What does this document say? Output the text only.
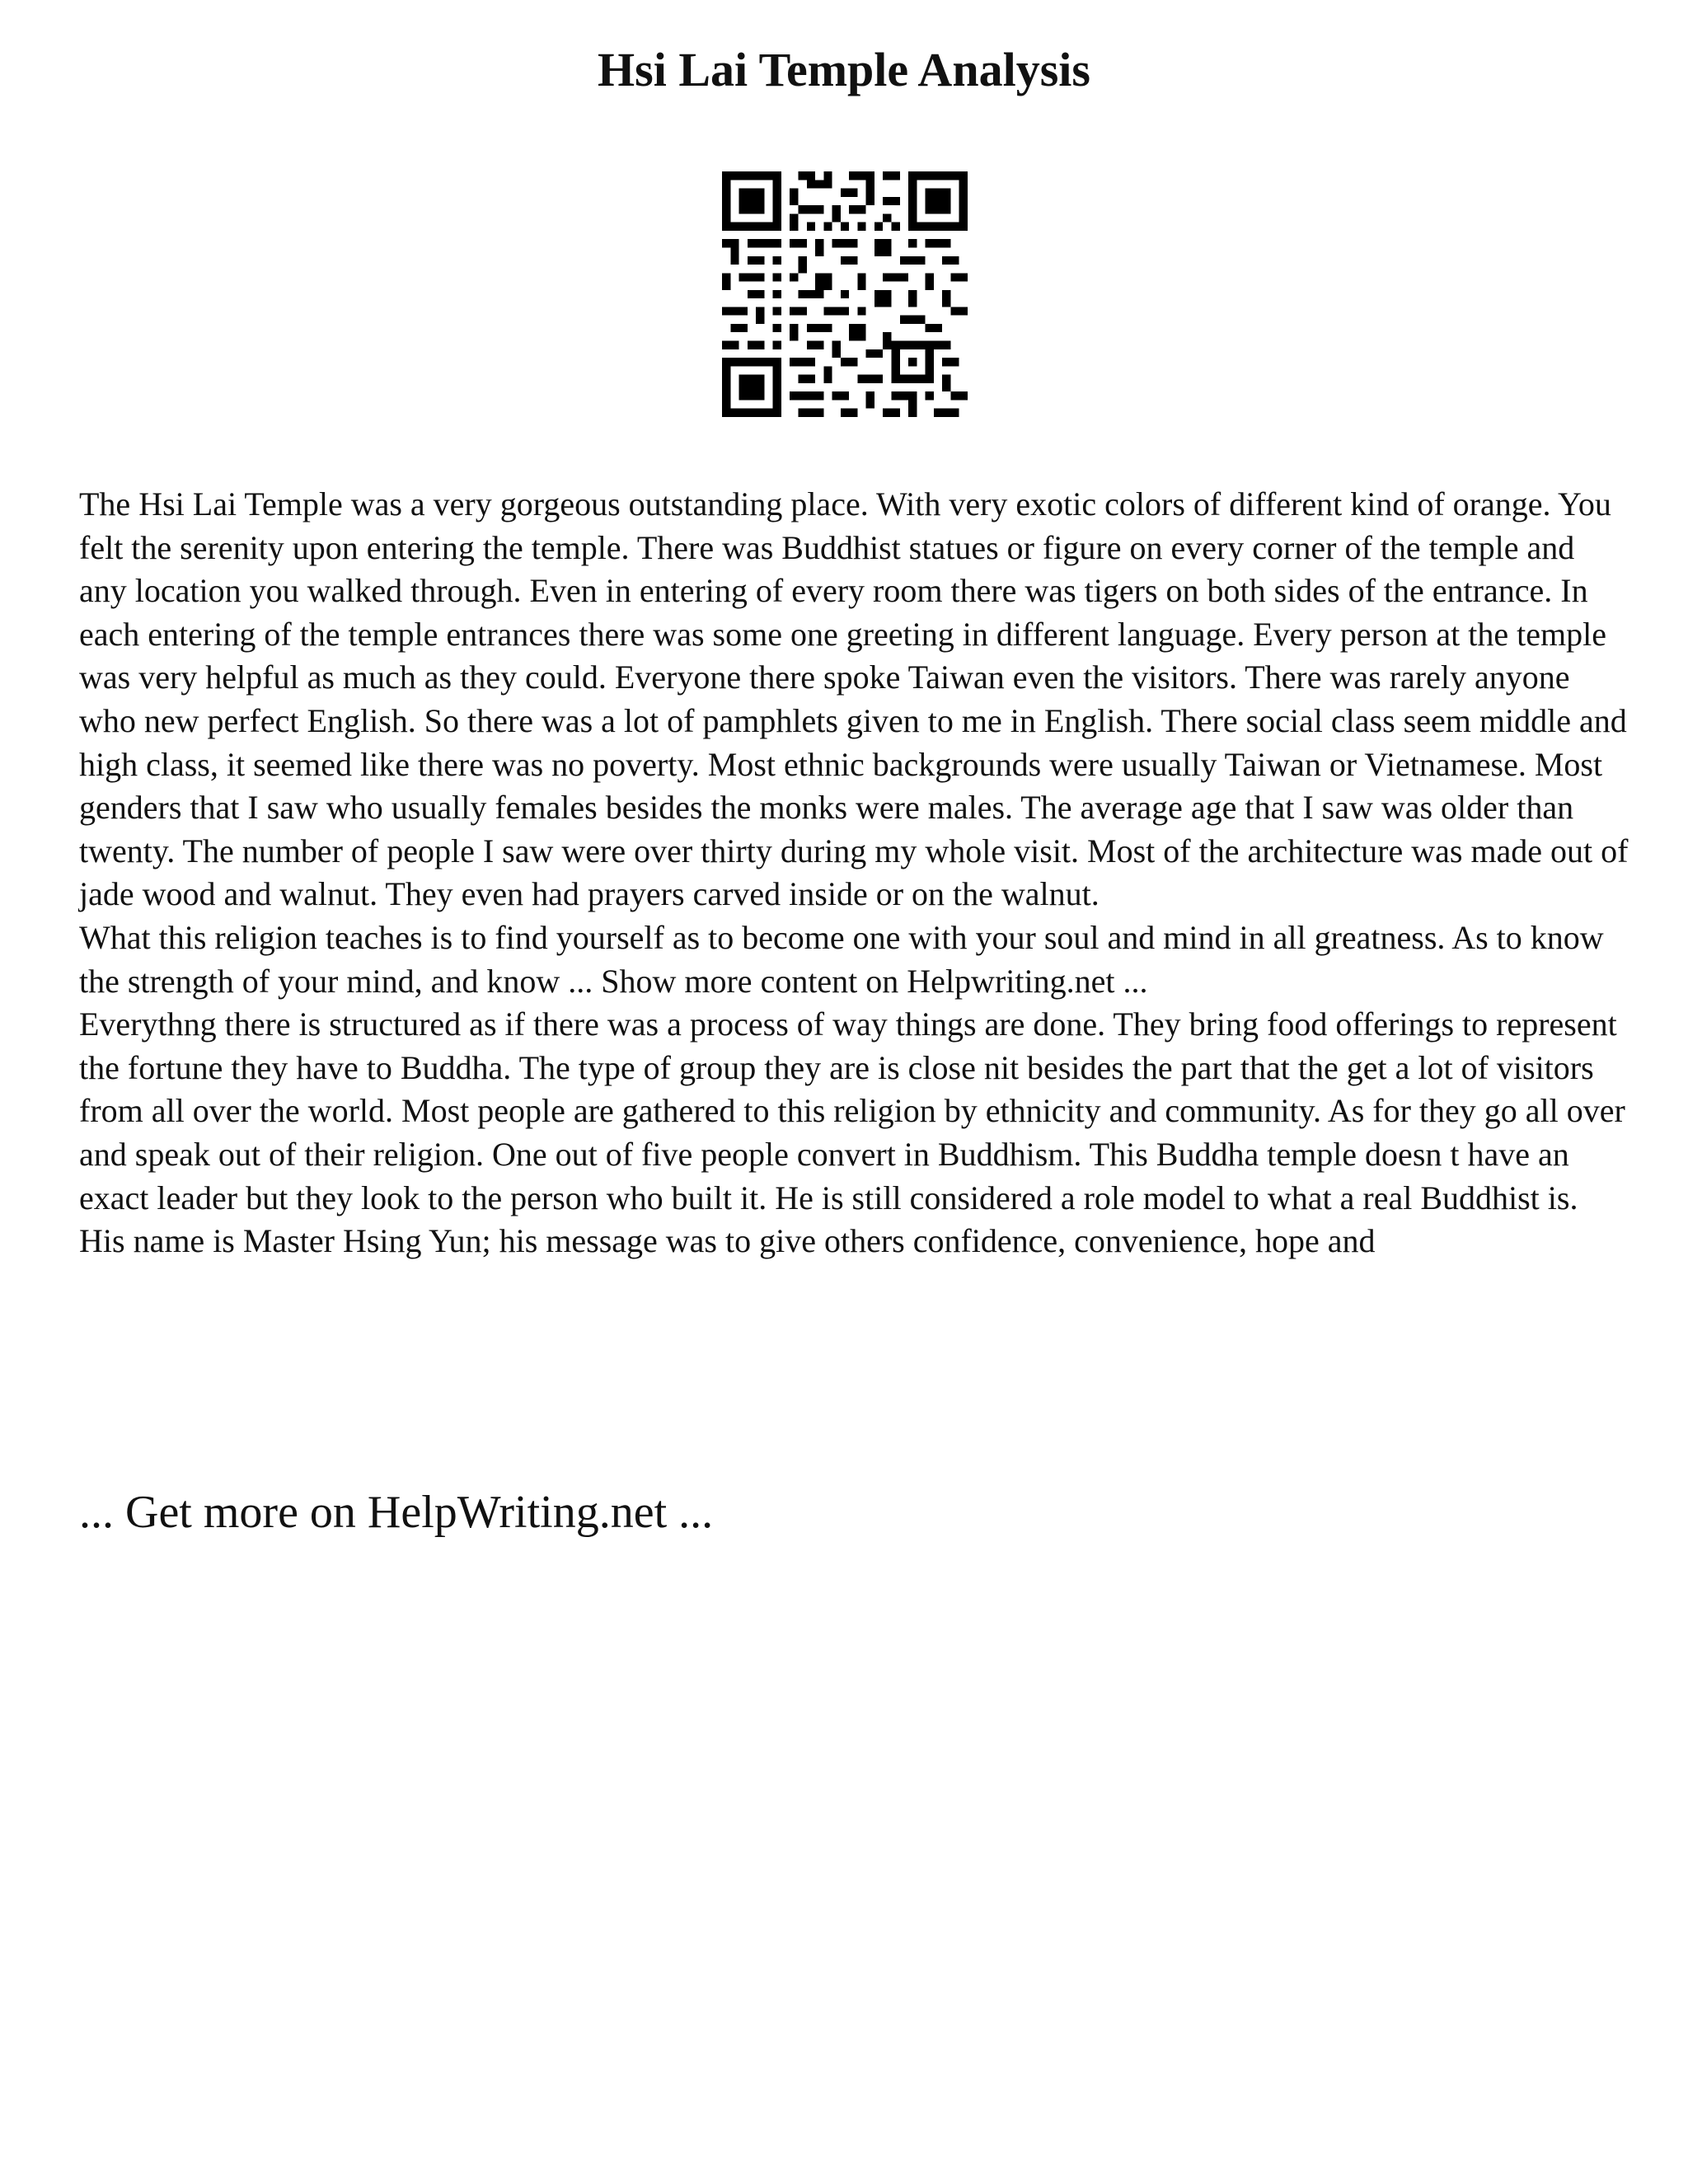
Hsi Lai Temple Analysis

The Hsi Lai Temple was a very gorgeous outstanding place. With very exotic colors of different kind of orange. You felt the serenity upon entering the temple. There was Buddhist statues or figure on every corner of the temple and any location you walked through. Even in entering of every room there was tigers on both sides of the entrance. In each entering of the temple entrances there was some one greeting in different language. Every person at the temple was very helpful as much as they could. Everyone there spoke Taiwan even the visitors. There was rarely anyone who new perfect English. So there was a lot of pamphlets given to me in English. There social class seem middle and high class, it seemed like there was no poverty. Most ethnic backgrounds were usually Taiwan or Vietnamese. Most genders that I saw who usually females besides the monks were males. The average age that I saw was older than twenty. The number of people I saw were over thirty during my whole visit. Most of the architecture was made out of jade wood and walnut. They even had prayers carved inside or on the walnut.

What this religion teaches is to find yourself as to become one with your soul and mind in all greatness. As to know the strength of your mind, and know ... Show more content on Helpwriting.net ...

Everythng there is structured as if there was a process of way things are done. They bring food offerings to represent the fortune they have to Buddha. The type of group they are is close nit besides the part that the get a lot of visitors from all over the world. Most people are gathered to this religion by ethnicity and community. As for they go all over and speak out of their religion. One out of five people convert in Buddhism. This Buddha temple doesn t have an exact leader but they look to the person who built it. He is still considered a role model to what a real Buddhist is. His name is Master Hsing Yun; his message was to give others confidence, convenience, hope and

... Get more on HelpWriting.net ...
